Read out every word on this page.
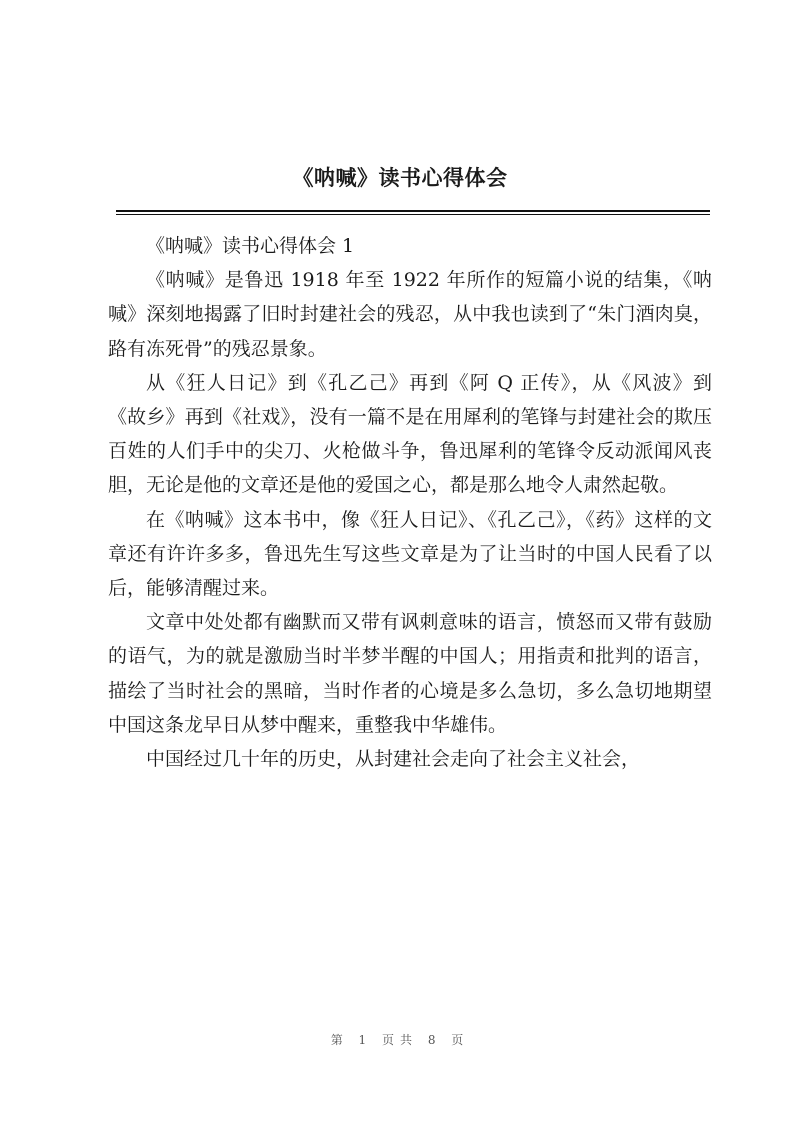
《呐喊》读书心得体会

《呐喊》读书心得体会 1

《呐喊》是鲁迅 1918 年至 1922 年所作的短篇小说的结集，《呐喊》深刻地揭露了旧时封建社会的残忍，从中我也读到了“朱门酒肉臭，路有冻死骨”的残忍景象。

从《狂人日记》到《孔乙己》再到《阿 Q 正传》，从《风波》到《故乡》再到《社戏》，没有一篇不是在用犀利的笔锋与封建社会的欺压百姓的人们手中的尖刀、火枪做斗争，鲁迅犀利的笔锋令反动派闻风丧胆，无论是他的文章还是他的爱国之心，都是那么地令人肃然起敬。

在《呐喊》这本书中，像《狂人日记》、《孔乙己》，《药》这样的文章还有许许多多，鲁迅先生写这些文章是为了让当时的中国人民看了以后，能够清醒过来。

文章中处处都有幽默而又带有讽刺意味的语言，愤怒而又带有鼓励的语气，为的就是激励当时半梦半醒的中国人；用指责和批判的语言，描绘了当时社会的黑暗，当时作者的心境是多么急切，多么急切地期望中国这条龙早日从梦中醒来，重整我中华雄伟。

中国经过几十年的历史，从封建社会走向了社会主义社会，

第 1 页共 8 页
